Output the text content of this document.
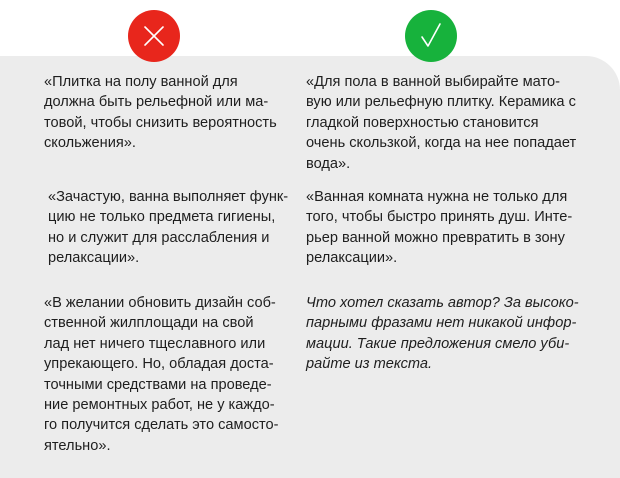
«Плитка на полу ванной для
должна быть рельефной или ма-
товой, чтобы снизить вероятность
скольжения».

«Для пола в ванной выбирайте мато-
вую или рельефную плитку. Керамика с
гладкой поверхностью становится
очень скользкой, когда на нее попадает
вода».

«Зачастую, ванна выполняет функ-
цию не только предмета гигиены,
но и служит для расслабления и
релаксации».

«Ванная комната нужна не только для
того, чтобы быстро принять душ. Инте-
рьер ванной можно превратить в зону
релаксации».

«В желании обновить дизайн соб-
ственной жилплощади на свой
лад нет ничего тщеславного или
упрекающего. Но, обладая доста-
точными средствами на проведе-
ние ремонтных работ, не у каждо-
го получится сделать это самосто-
ятельно».

Что хотел сказать автор? За высоко-
парными фразами нет никакой инфор-
мации. Такие предложения смело уби-
райте из текста.
